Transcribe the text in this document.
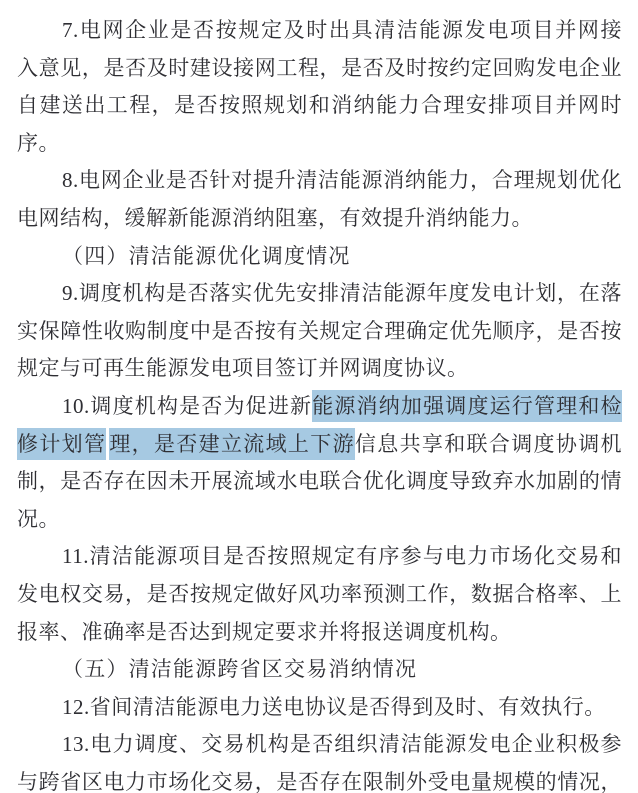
7.电网企业是否按规定及时出具清洁能源发电项目并网接
入意见，是否及时建设接网工程，是否及时按约定回购发电企业
自建送出工程，是否按照规划和消纳能力合理安排项目并网时
序。
8.电网企业是否针对提升清洁能源消纳能力，合理规划优化
电网结构，缓解新能源消纳阻塞，有效提升消纳能力。
（四）清洁能源优化调度情况
9.调度机构是否落实优先安排清洁能源年度发电计划，在落
实保障性收购制度中是否按有关规定合理确定优先顺序，是否按
规定与可再生能源发电项目签订并网调度协议。
10.调度机构是否为促进新能源消纳加强调度运行管理和检
修计划管 理，是否建立流域上下游信息共享和联合调度协调机
制，是否存在因未开展流域水电联合优化调度导致弃水加剧的情
况。
11.清洁能源项目是否按照规定有序参与电力市场化交易和
发电权交易，是否按规定做好风功率预测工作，数据合格率、上
报率、准确率是否达到规定要求并将报送调度机构。
（五）清洁能源跨省区交易消纳情况
12.省间清洁能源电力送电协议是否得到及时、有效执行。
13.电力调度、交易机构是否组织清洁能源发电企业积极参
与跨省区电力市场化交易，是否存在限制外受电量规模的情况，
